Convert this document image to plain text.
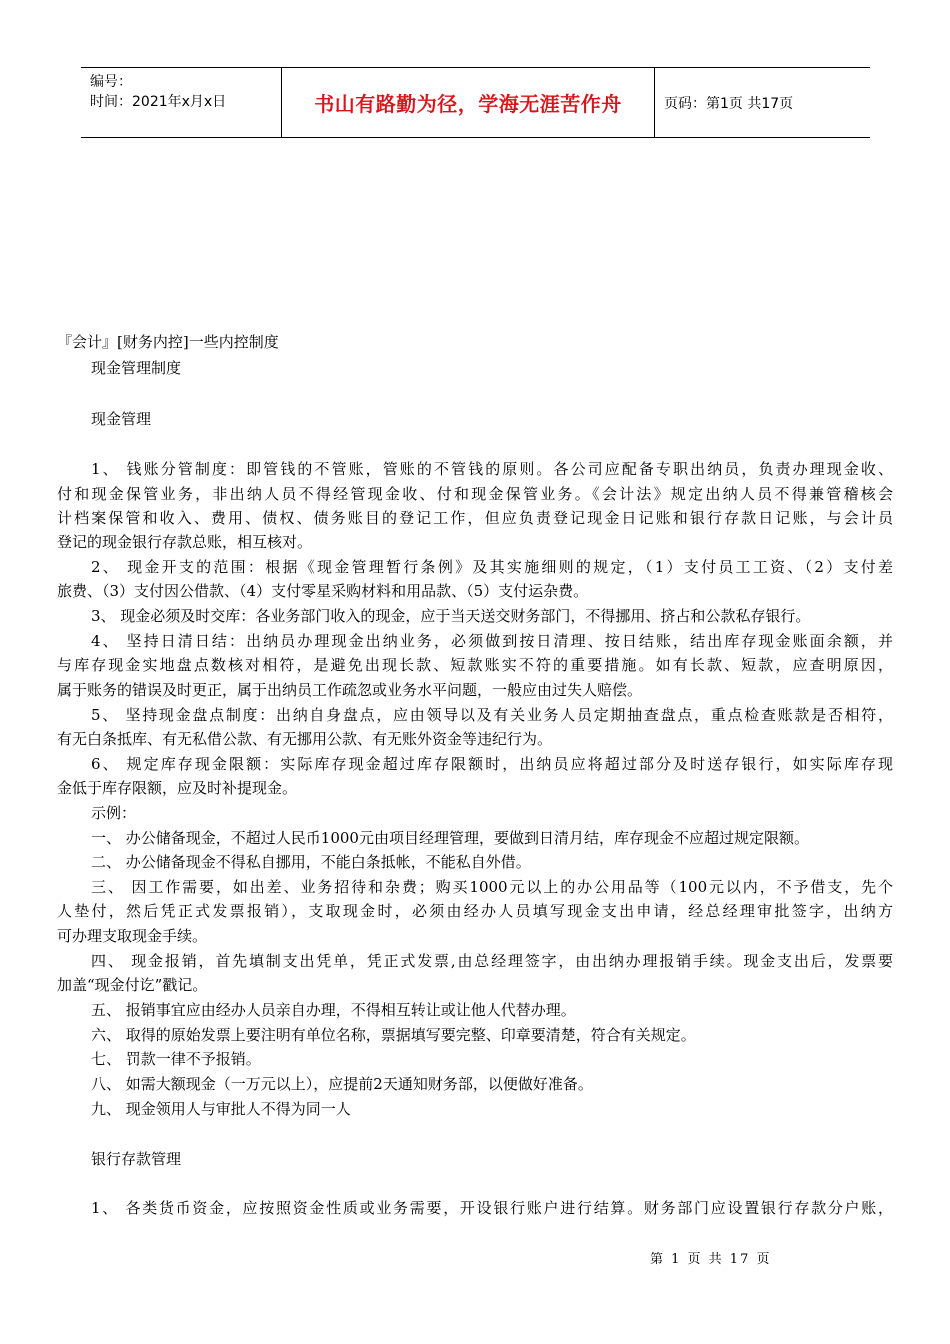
编号：
时间：2021年x月x日	书山有路勤为径，学海无涯苦作舟	页码：第1页 共17页
『会计』[财务内控]一些内控制度
现金管理制度
现金管理
1、 钱账分管制度：即管钱的不管账，管账的不管钱的原则。各公司应配备专职出纳员，负责办理现金收、
付和现金保管业务，非出纳人员不得经管现金收、付和现金保管业务。《会计法》规定出纳人员不得兼管稽核会
计档案保管和收入、费用、债权、债务账目的登记工作，但应负责登记现金日记账和银行存款日记账，与会计员
登记的现金银行存款总账，相互核对。
2、 现金开支的范围：根据《现金管理暂行条例》及其实施细则的规定，（1）支付员工工资、（2）支付差
旅费、（3）支付因公借款、（4）支付零星采购材料和用品款、（5）支付运杂费。
3、 现金必须及时交库：各业务部门收入的现金，应于当天送交财务部门，不得挪用、挤占和公款私存银行。
4、 坚持日清日结：出纳员办理现金出纳业务，必须做到按日清理、按日结账，结出库存现金账面余额，并
与库存现金实地盘点数核对相符，是避免出现长款、短款账实不符的重要措施。如有长款、短款，应查明原因，
属于账务的错误及时更正，属于出纳员工作疏忽或业务水平问题，一般应由过失人赔偿。
5、 坚持现金盘点制度：出纳自身盘点，应由领导以及有关业务人员定期抽查盘点，重点检查账款是否相符，
有无白条抵库、有无私借公款、有无挪用公款、有无账外资金等违纪行为。
6、 规定库存现金限额：实际库存现金超过库存限额时，出纳员应将超过部分及时送存银行，如实际库存现
金低于库存限额，应及时补提现金。
示例：
一、 办公储备现金，不超过人民币1000元由项目经理管理，要做到日清月结，库存现金不应超过规定限额。
二、 办公储备现金不得私自挪用，不能白条抵帐，不能私自外借。
三、 因工作需要，如出差、业务招待和杂费；购买1000元以上的办公用品等（100元以内，不予借支，先个
人垫付，然后凭正式发票报销），支取现金时，必须由经办人员填写现金支出申请，经总经理审批签字，出纳方
可办理支取现金手续。
四、 现金报销，首先填制支出凭单，凭正式发票,由总经理签字，由出纳办理报销手续。现金支出后，发票要
加盖“现金付讫”戳记。
五、 报销事宜应由经办人员亲自办理，不得相互转让或让他人代替办理。
六、 取得的原始发票上要注明有单位名称，票据填写要完整、印章要清楚，符合有关规定。
七、 罚款一律不予报销。
八、 如需大额现金（一万元以上），应提前2天通知财务部，以便做好准备。
九、 现金领用人与审批人不得为同一人
银行存款管理
1、 各类货币资金，应按照资金性质或业务需要，开设银行账户进行结算。财务部门应设置银行存款分户账，
第 1 页 共 17 页
